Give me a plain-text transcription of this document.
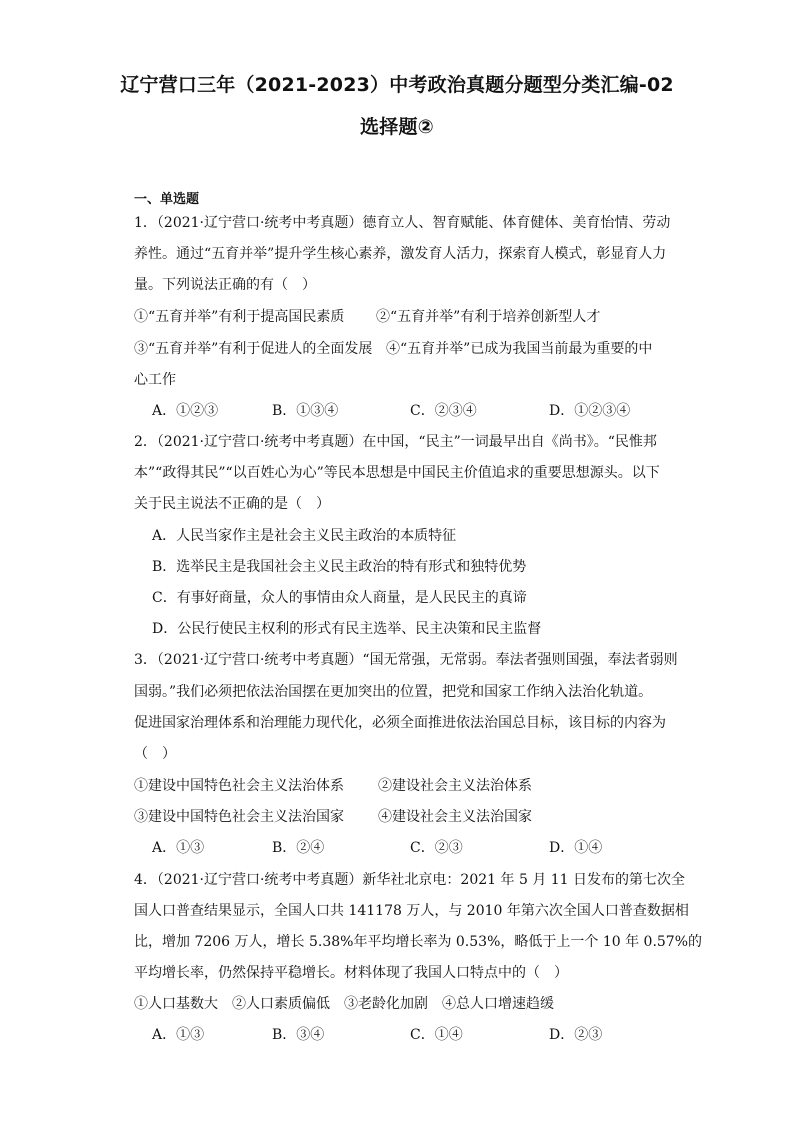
辽宁营口三年（2021-2023）中考政治真题分题型分类汇编-02
选择题②
一、单选题
1．（2021·辽宁营口·统考中考真题）德育立人、智育赋能、体育健体、美育怡情、劳动
养性。通过“五育并举”提升学生核心素养，激发育人活力，探索育人模式，彰显育人力
量。下列说法正确的有（　）
①“五育并举”有利于提高国民素质 ②“五育并举”有利于培养创新型人才
③“五育并举”有利于促进人的全面发展 ④“五育并举”已成为我国当前最为重要的中
心工作
A．①②③	B．①③④	C．②③④	D．①②③④
2．（2021·辽宁营口·统考中考真题）在中国，“民主”一词最早出自《尚书》。“民惟邦
本”“政得其民”“以百姓心为心”等民本思想是中国民主价值追求的重要思想源头。以下
关于民主说法不正确的是（　）
A．人民当家作主是社会主义民主政治的本质特征
B．选举民主是我国社会主义民主政治的特有形式和独特优势
C．有事好商量，众人的事情由众人商量，是人民民主的真谛
D．公民行使民主权利的形式有民主选举、民主决策和民主监督
3．（2021·辽宁营口·统考中考真题）“国无常强，无常弱。奉法者强则国强，奉法者弱则
国弱。”我们必须把依法治国摆在更加突出的位置，把党和国家工作纳入法治化轨道。
促进国家治理体系和治理能力现代化，必须全面推进依法治国总目标，该目标的内容为
（　）
①建设中国特色社会主义法治体系 ②建设社会主义法治体系
③建设中国特色社会主义法治国家 ④建设社会主义法治国家
A．①③	B．②④	C．②③	D．①④
4．（2021·辽宁营口·统考中考真题）新华社北京电：2021 年 5 月 11 日发布的第七次全
国人口普查结果显示，全国人口共 141178 万人，与 2010 年第六次全国人口普查数据相
比，增加 7206 万人，增长 5.38%年平均增长率为 0.53%，略低于上一个 10 年 0.57%的
平均增长率，仍然保持平稳增长。材料体现了我国人口特点中的（　）
①人口基数大　②人口素质偏低　③老龄化加剧　④总人口增速趋缓
A．①③	B．③④	C．①④	D．②③
